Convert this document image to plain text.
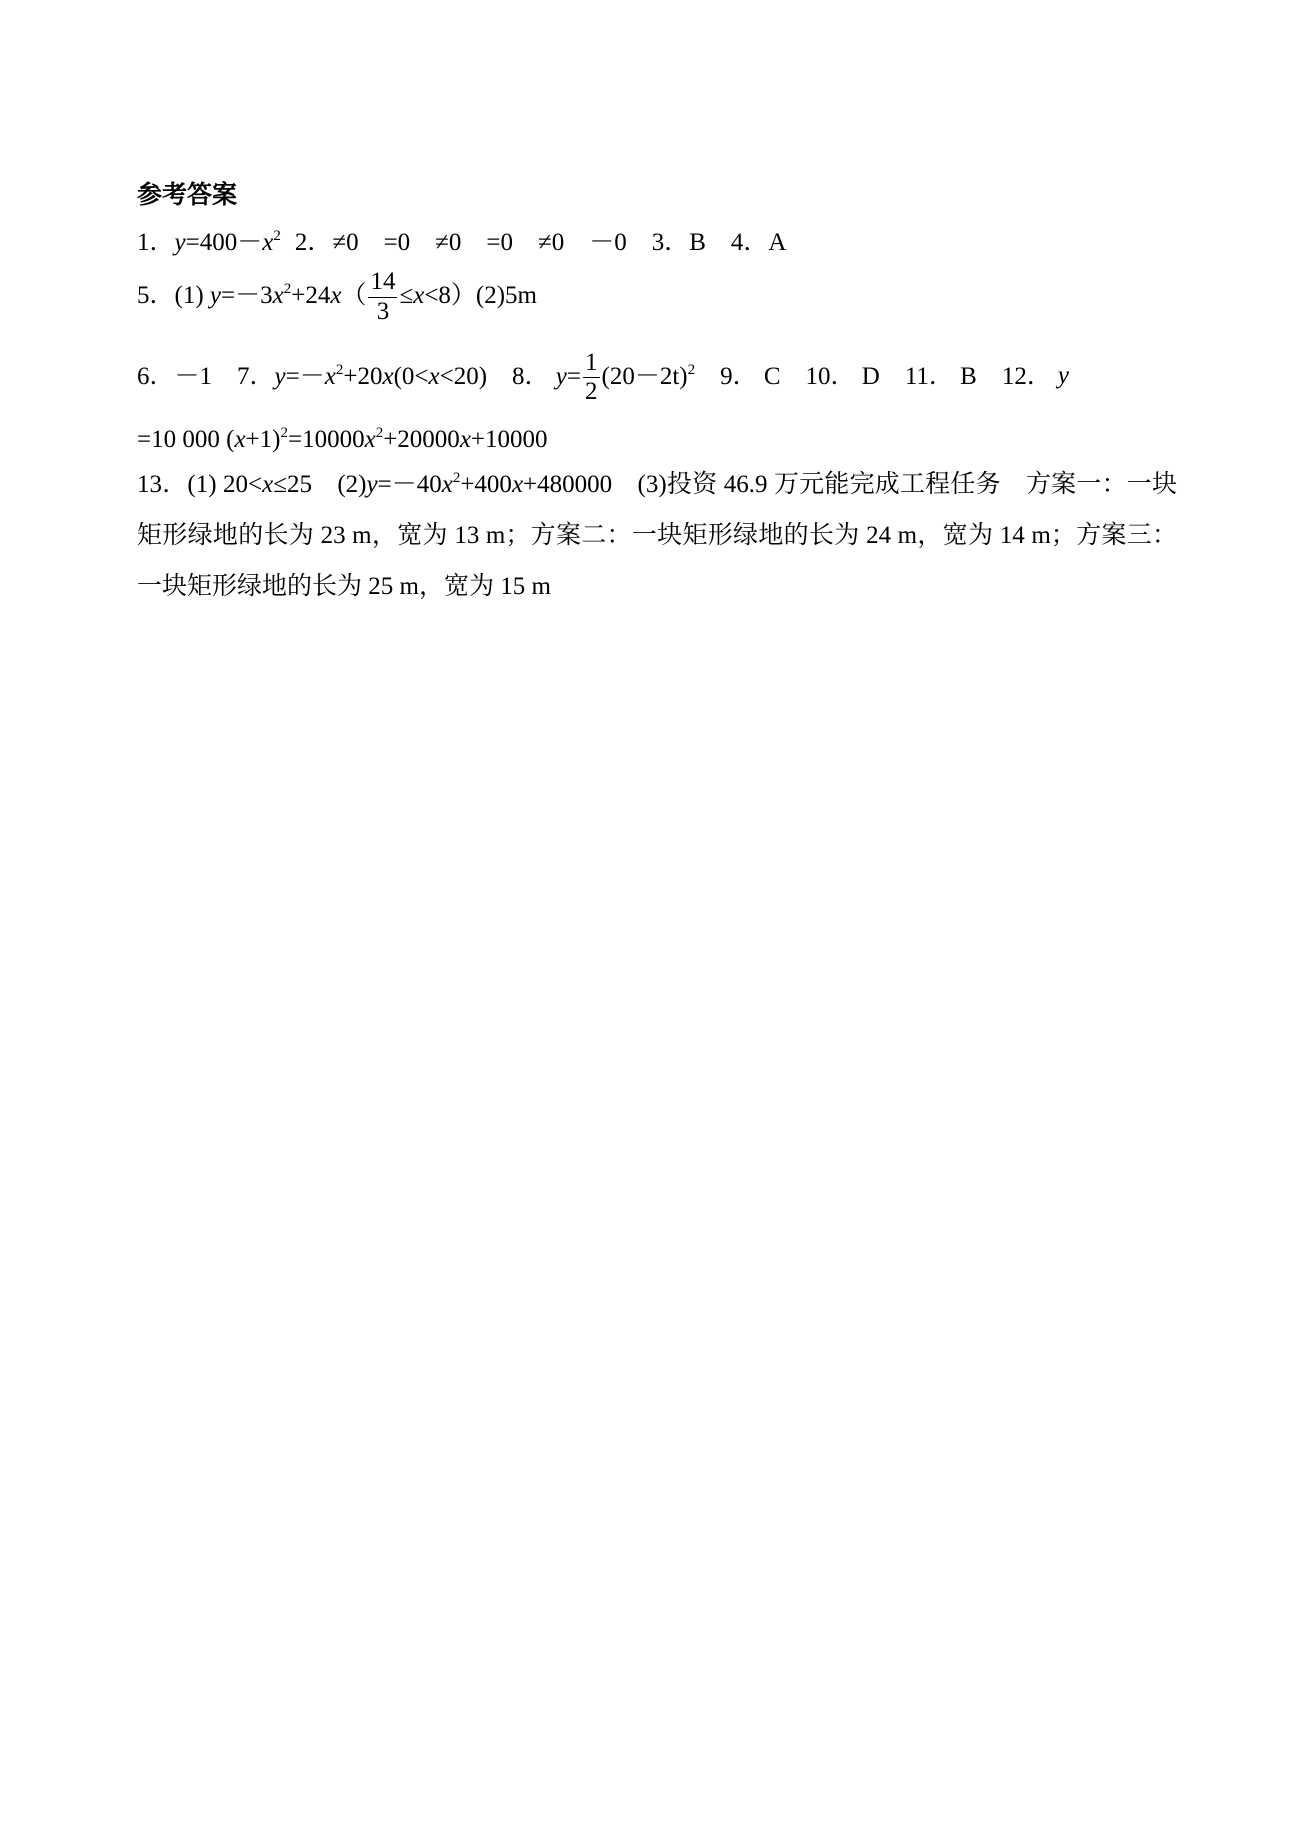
参考答案

1．$y=400-x^2$ 2．≠0　=0　≠0　=0　≠0　－0　3．B　4．A

5．(1) $y=-3x^2+24x( \frac{14}{3} \le x<8)(2)5m$

6．－1　7．$y=-x^2+20x(0<x<20)$　8． $y= \frac{1}{2} (20-2t)^2$　9． C　10． D　11． B　12． y

=10 000 $(x+1)^2=10000x^2+20000x+10000$

13．(1) 20<x≤25　$(2)y=-40x^2+400x+480000$　(3)投资 46.9 万元能完成工程任务　方案一：一块矩形绿地的长为 23 m，宽为 13 m；方案二：一块矩形绿地的长为 24 m，宽为 14 m；方案三：一块矩形绿地的长为 25 m，宽为 15 m
